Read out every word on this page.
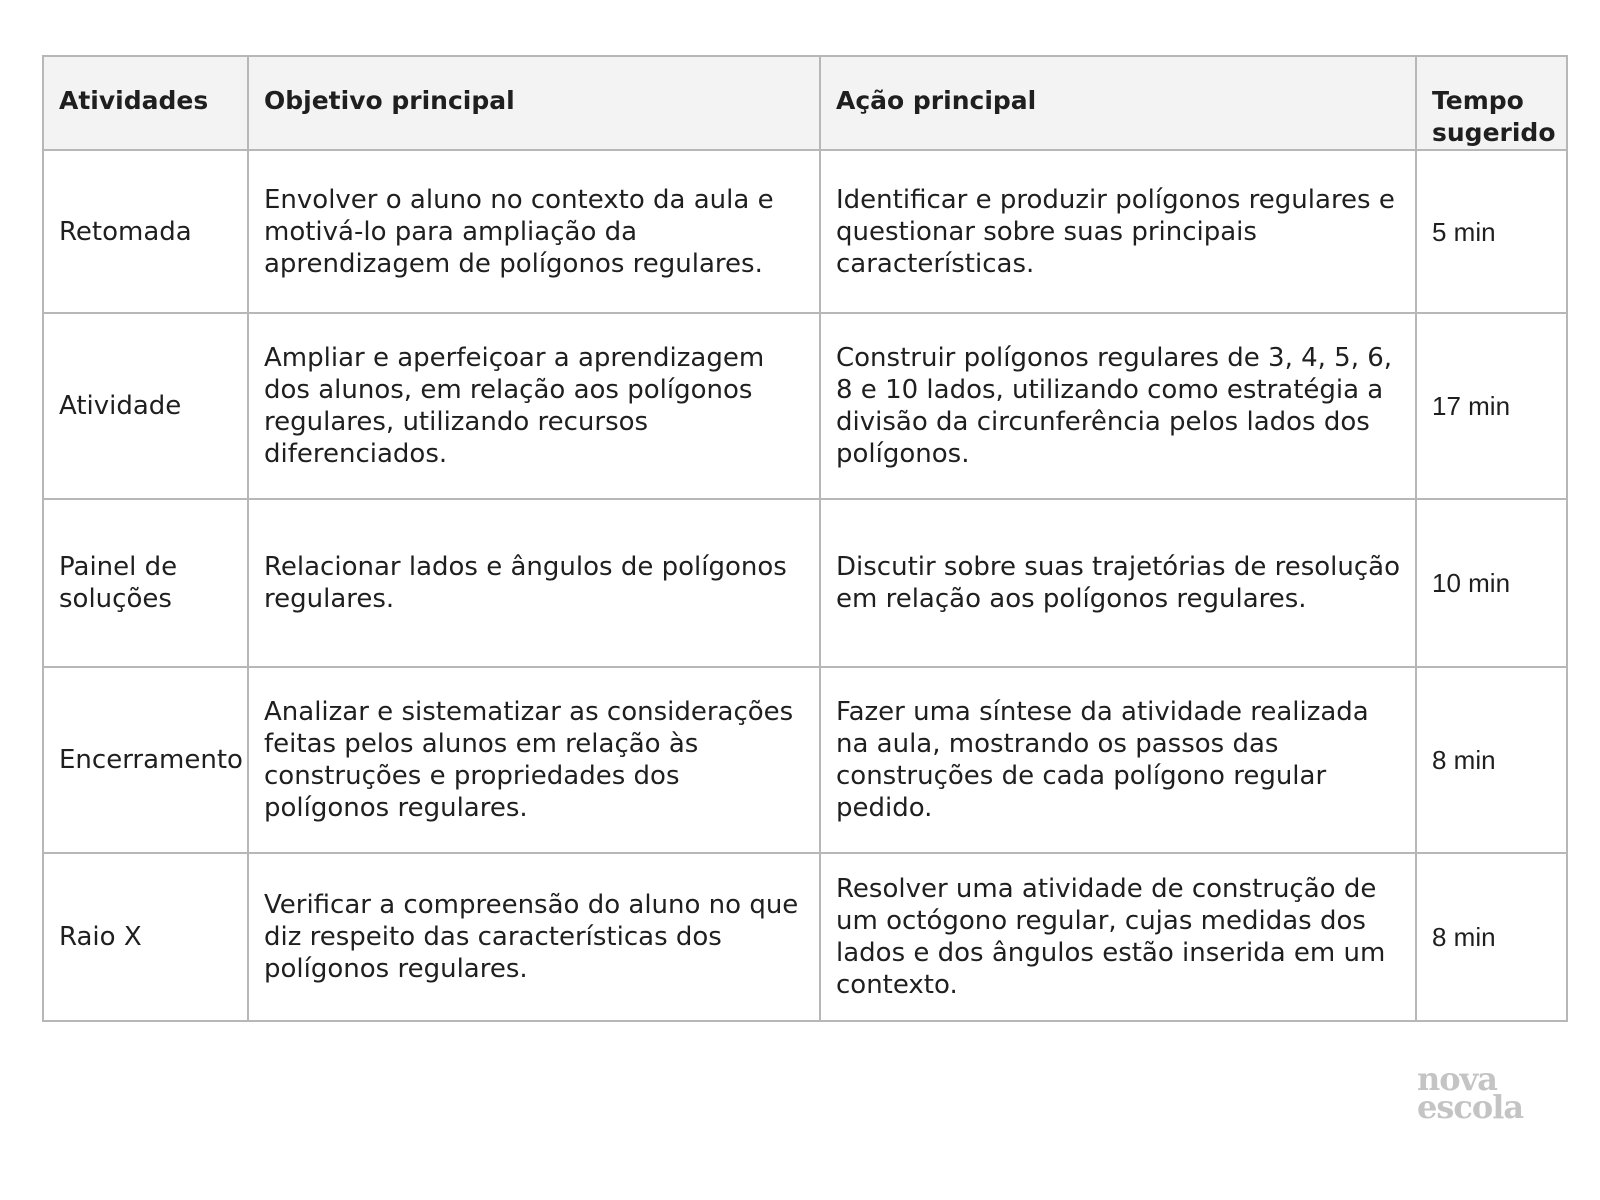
Atividades	Objetivo principal	Ação principal	Tempo sugerido
Retomada	Envolver o aluno no contexto da aula e motivá-lo para ampliação da aprendizagem de polígonos regulares.	Identificar e produzir polígonos regulares e questionar sobre suas principais características.	5 min
Atividade	Ampliar e aperfeiçoar a aprendizagem dos alunos, em relação aos polígonos regulares, utilizando recursos diferenciados.	Construir polígonos regulares de 3, 4, 5, 6, 8 e 10 lados, utilizando como estratégia a divisão da circunferência pelos lados dos polígonos.	17 min
Painel de soluções	Relacionar lados e ângulos de polígonos regulares.	Discutir sobre suas trajetórias de resolução em relação aos polígonos regulares.	10 min
Encerramento	Analizar e sistematizar as considerações feitas pelos alunos em relação às construções e propriedades dos polígonos regulares.	Fazer uma síntese da atividade realizada na aula, mostrando os passos das construções de cada polígono regular pedido.	8 min
Raio X	Verificar a compreensão do aluno no que diz respeito das características dos polígonos regulares.	Resolver uma atividade de construção de um octógono regular, cujas medidas dos lados e dos ângulos estão inserida em um contexto.	8 min
nova
escola
